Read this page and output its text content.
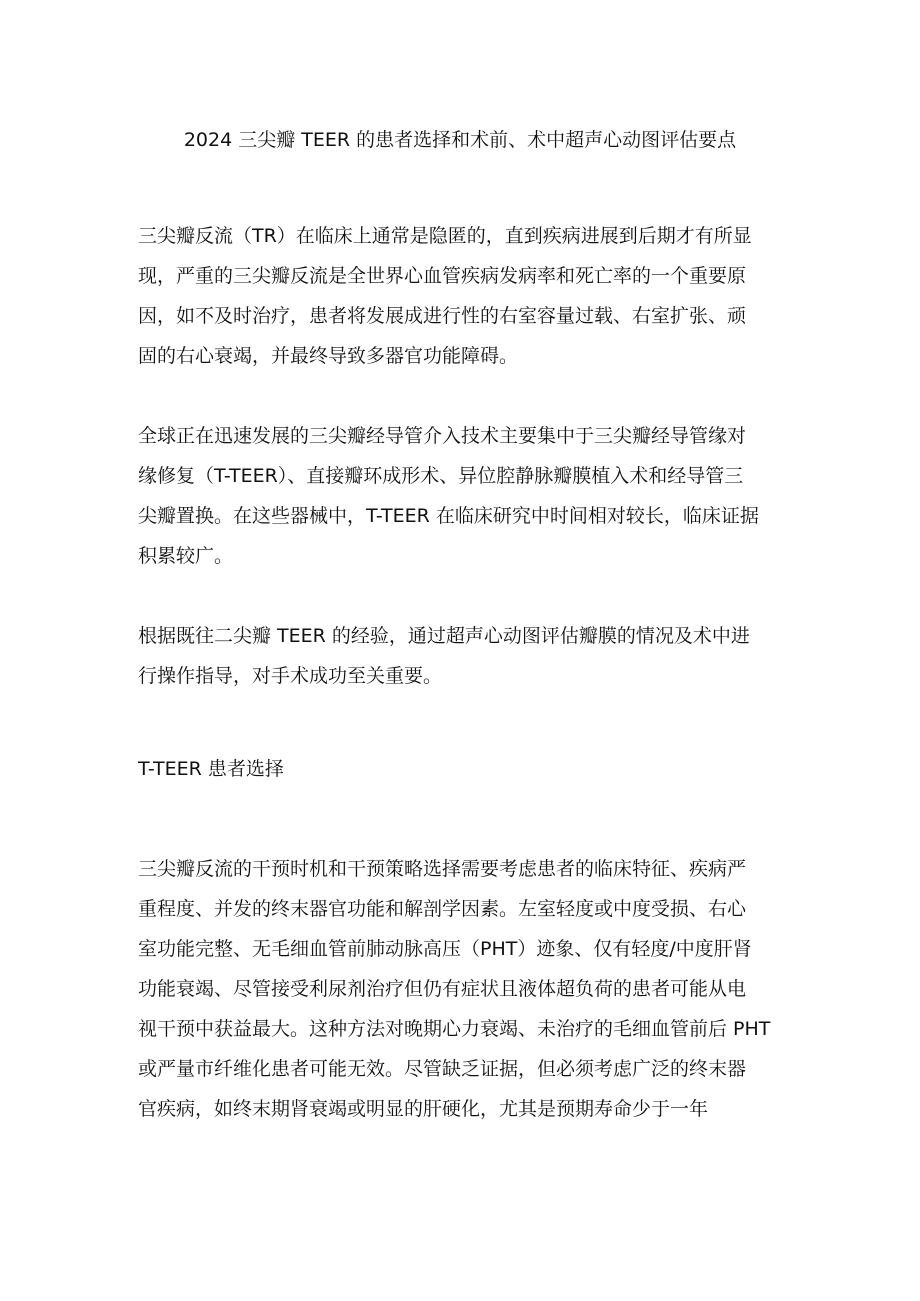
2024 三尖瓣 TEER 的患者选择和术前、术中超声心动图评估要点
三尖瓣反流（TR）在临床上通常是隐匿的，直到疾病进展到后期才有所显
现，严重的三尖瓣反流是全世界心血管疾病发病率和死亡率的一个重要原
因，如不及时治疗，患者将发展成进行性的右室容量过载、右室扩张、顽
固的右心衰竭，并最终导致多器官功能障碍。
全球正在迅速发展的三尖瓣经导管介入技术主要集中于三尖瓣经导管缘对
缘修复（T-TEER）、直接瓣环成形术、异位腔静脉瓣膜植入术和经导管三
尖瓣置换。在这些器械中，T-TEER 在临床研究中时间相对较长，临床证据
积累较广。
根据既往二尖瓣 TEER 的经验，通过超声心动图评估瓣膜的情况及术中进
行操作指导，对手术成功至关重要。
T-TEER 患者选择
三尖瓣反流的干预时机和干预策略选择需要考虑患者的临床特征、疾病严
重程度、并发的终末器官功能和解剖学因素。左室轻度或中度受损、右心
室功能完整、无毛细血管前肺动脉高压（PHT）迹象、仅有轻度/中度肝肾
功能衰竭、尽管接受利尿剂治疗但仍有症状且液体超负荷的患者可能从电
视干预中获益最大。这种方法对晚期心力衰竭、未治疗的毛细血管前后 PHT
或严量市纤维化患者可能无效。尽管缺乏证据，但必须考虑广泛的终末器
官疾病，如终末期肾衰竭或明显的肝硬化，尤其是预期寿命少于一年
